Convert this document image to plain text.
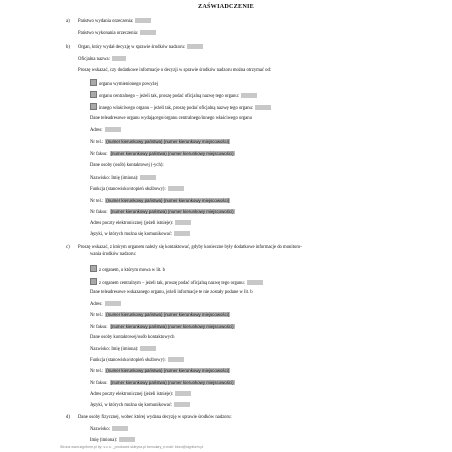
ZAŚWIADCZENIE
a) Państwo wydania orzeczenia:
Państwo wykonania orzeczenia:
b) Organ, który wydał decyzję w sprawie środków nadzoru:
Oficjalna nazwa:
Proszę wskazać, czy dodatkowe informacje o decyzji w sprawie środków nadzoru można otrzymać od:
organu wymienionego powyżej
organu centralnego – jeżeli tak, proszę podać oficjalną nazwę tego organu:
innego właściwego organu – jeżeli tak, proszę podać oficjalną nazwę tego organu:
Dane teleadresowe organu wydającego/organu centralnego/innego właściwego organu
Adres:
Nr tel.: (numer kierunkowy państwa) (numer kierunkowy miejscowości)
Nr faksu: (numer kierunkowy państwa) (numer kierunkowy miejscowości)
Dane osoby (osób) kontaktowej (-ych):
Nazwisko: Imię (imiona):
Funkcja (stanowisko/stopień służbowy):
Nr tel.: (numer kierunkowy państwa) (numer kierunkowy miejscowości)
Nr faksu: (numer kierunkowy państwa) (numer kierunkowy miejscowości)
Adres poczty elektronicznej (jeżeli istnieje):
Języki, w których można się komunikować:
c) Proszę wskazać, z którym organem należy się kontaktować, gdyby konieczne były dodatkowe informacje do monitoro-
wania środków nadzoru:
z organem, o którym mowa w lit. b
z organem centralnym – jeżeli tak, proszę podać oficjalną nazwę tego organu:
Dane teleadresowe wskazanego organu, jeżeli informacje te nie zostały podane w lit. b
Adres:
Nr tel.: (numer kierunkowy państwa) (numer kierunkowy miejscowości)
Nr faksu: (numer kierunkowy państwa) (numer kierunkowy miejscowości)
Dane osoby kontaktowej/osób kontaktowych
Nazwisko: Imię (imiona):
Funkcja (stanowisko/stopień służbowy):
Nr tel.: (numer kierunkowy państwa) (numer kierunkowy miejscowości)
Nr faksu: (numer kierunkowy państwa) (numer kierunkowy miejscowości)
Adres poczty elektronicznej (jeżeli istnieje):
Języki, w których można się komunikować:
d) Dane osoby fizycznej, wobec której wydana decyzję w sprawie środków nadzoru:
Nazwisko:
Imię (imiona):
Strona www.signform.pl by: s.c.o. _produced.skleyna.pl formulary_e-mail: biuro@signform.pl
